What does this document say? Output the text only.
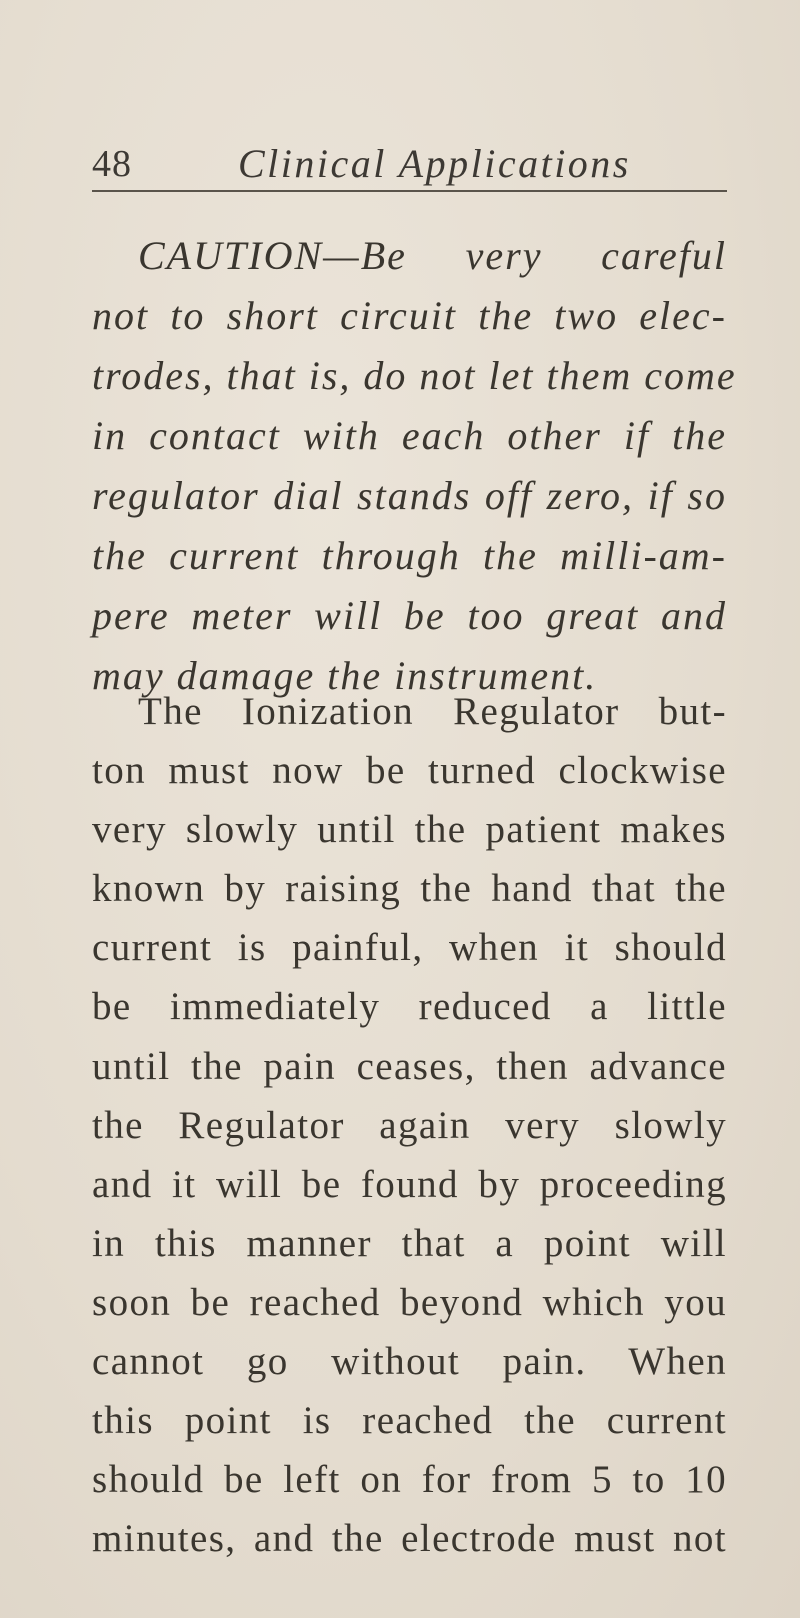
48	Clinical Applications
CAUTION—Be very careful
not to short circuit the two elec-
trodes, that is, do not let them come
in contact with each other if the
regulator dial stands off zero, if so
the current through the milli-am-
pere meter will be too great and
may damage the instrument.
The Ionization Regulator but-
ton must now be turned clockwise
very slowly until the patient makes
known by raising the hand that the
current is painful, when it should
be immediately reduced a little
until the pain ceases, then advance
the Regulator again very slowly
and it will be found by proceeding
in this manner that a point will
soon be reached beyond which you
cannot go without pain. When
this point is reached the current
should be left on for from 5 to 10
minutes, and the electrode must not
